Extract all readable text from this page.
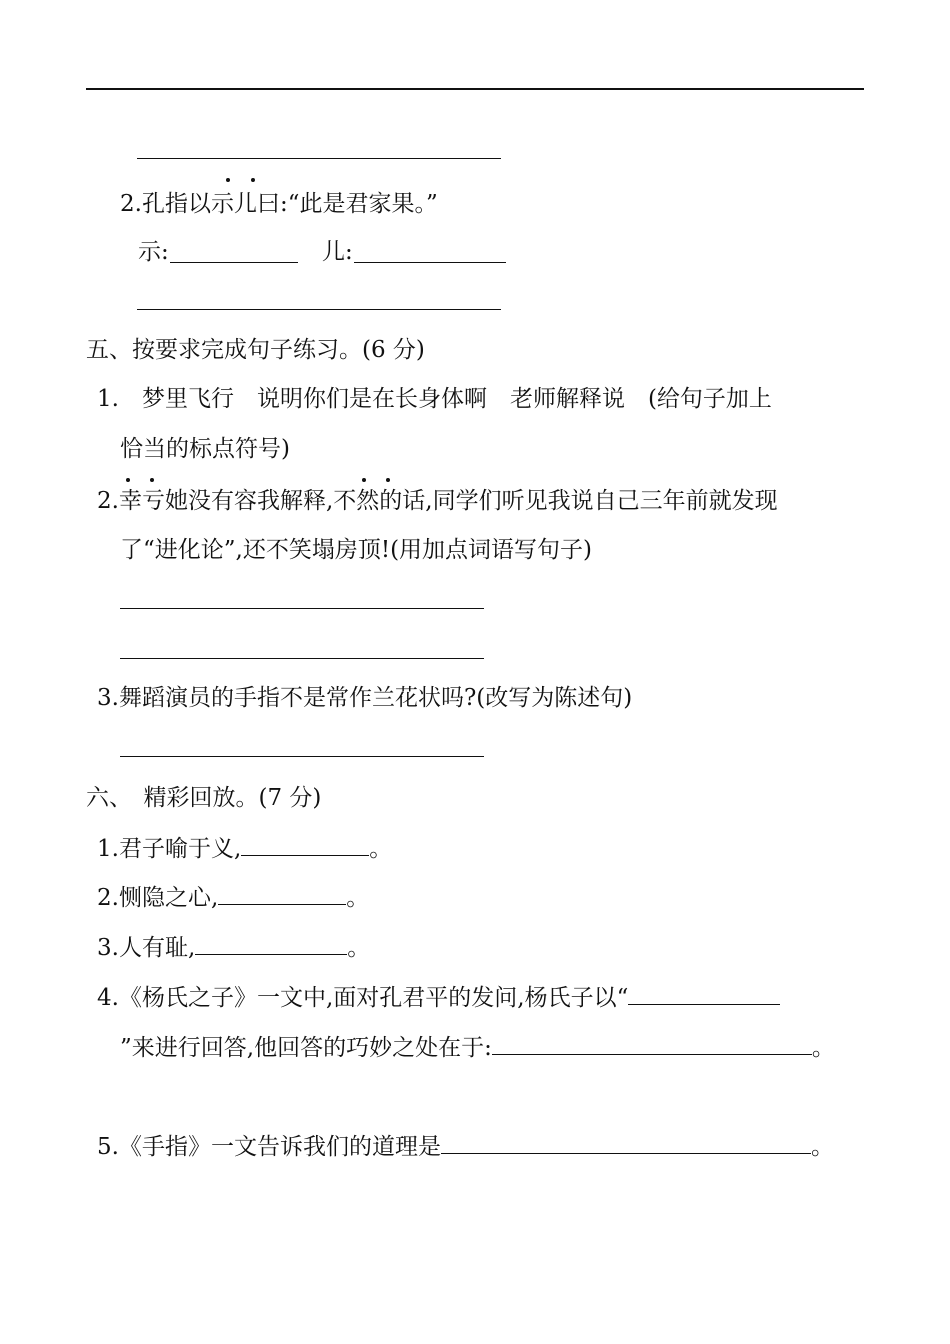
2.孔指以示儿曰:“此是君家果。”
示:	儿:
五、按要求完成句子练习。(6 分)
1.　梦里飞行　说明你们是在长身体啊　老师解释说　(给句子加上
恰当的标点符号)
2.幸亏她没有容我解释,不然的话,同学们听见我说自己三年前就发现
了“进化论”,还不笑塌房顶!(用加点词语写句子)
3.舞蹈演员的手指不是常作兰花状吗?(改写为陈述句)
六、　精彩回放。(7 分)
1.君子喻于义,	。
2.恻隐之心,	。
3.人有耻,	。
4.《杨氏之子》一文中,面对孔君平的发问,杨氏子以“
”来进行回答,他回答的巧妙之处在于:	。
5.《手指》一文告诉我们的道理是	。
